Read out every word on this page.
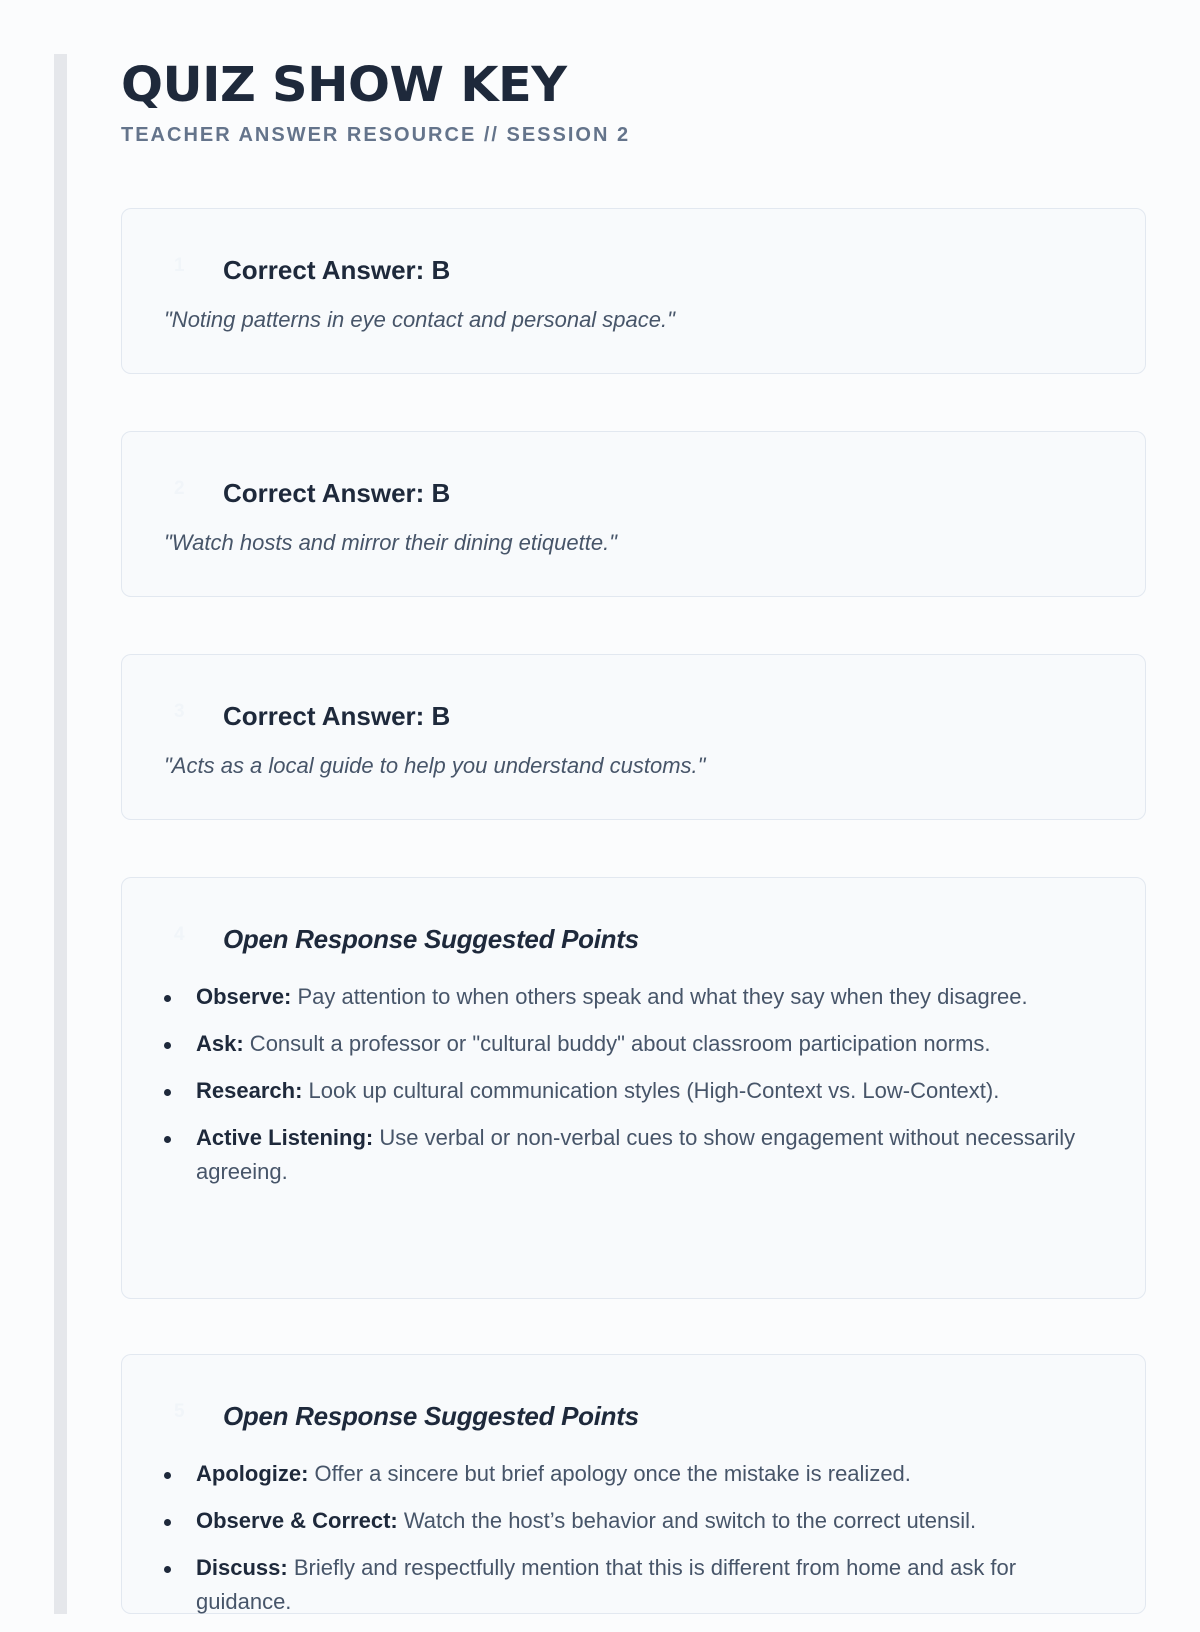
QUIZ SHOW KEY
TEACHER ANSWER RESOURCE // SESSION 2
1 Correct Answer: B
"Noting patterns in eye contact and personal space."
2 Correct Answer: B
"Watch hosts and mirror their dining etiquette."
3 Correct Answer: B
"Acts as a local guide to help you understand customs."
4 Open Response Suggested Points
Observe: Pay attention to when others speak and what they say when they disagree.
Ask: Consult a professor or "cultural buddy" about classroom participation norms.
Research: Look up cultural communication styles (High-Context vs. Low-Context).
Active Listening: Use verbal or non-verbal cues to show engagement without necessarily agreeing.
5 Open Response Suggested Points
Apologize: Offer a sincere but brief apology once the mistake is realized.
Observe & Correct: Watch the host’s behavior and switch to the correct utensil.
Discuss: Briefly and respectfully mention that this is different from home and ask for guidance.
